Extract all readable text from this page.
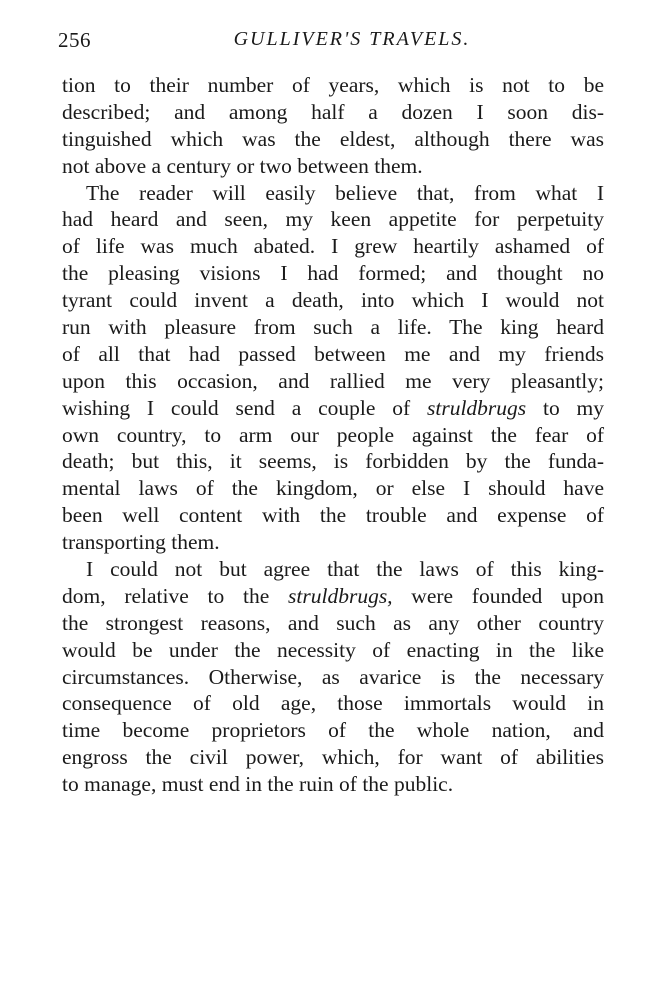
256	GULLIVER'S TRAVELS.
tion to their number of years, which is not to be
described; and among half a dozen I soon dis-
tinguished which was the eldest, although there was
not above a century or two between them.
The reader will easily believe that, from what I
had heard and seen, my keen appetite for perpetuity
of life was much abated. I grew heartily ashamed of
the pleasing visions I had formed; and thought no
tyrant could invent a death, into which I would not
run with pleasure from such a life. The king heard
of all that had passed between me and my friends
upon this occasion, and rallied me very pleasantly;
wishing I could send a couple of struldbrugs to my
own country, to arm our people against the fear of
death; but this, it seems, is forbidden by the funda-
mental laws of the kingdom, or else I should have
been well content with the trouble and expense of
transporting them.
I could not but agree that the laws of this king-
dom, relative to the struldbrugs, were founded upon
the strongest reasons, and such as any other country
would be under the necessity of enacting in the like
circumstances. Otherwise, as avarice is the necessary
consequence of old age, those immortals would in
time become proprietors of the whole nation, and
engross the civil power, which, for want of abilities
to manage, must end in the ruin of the public.
